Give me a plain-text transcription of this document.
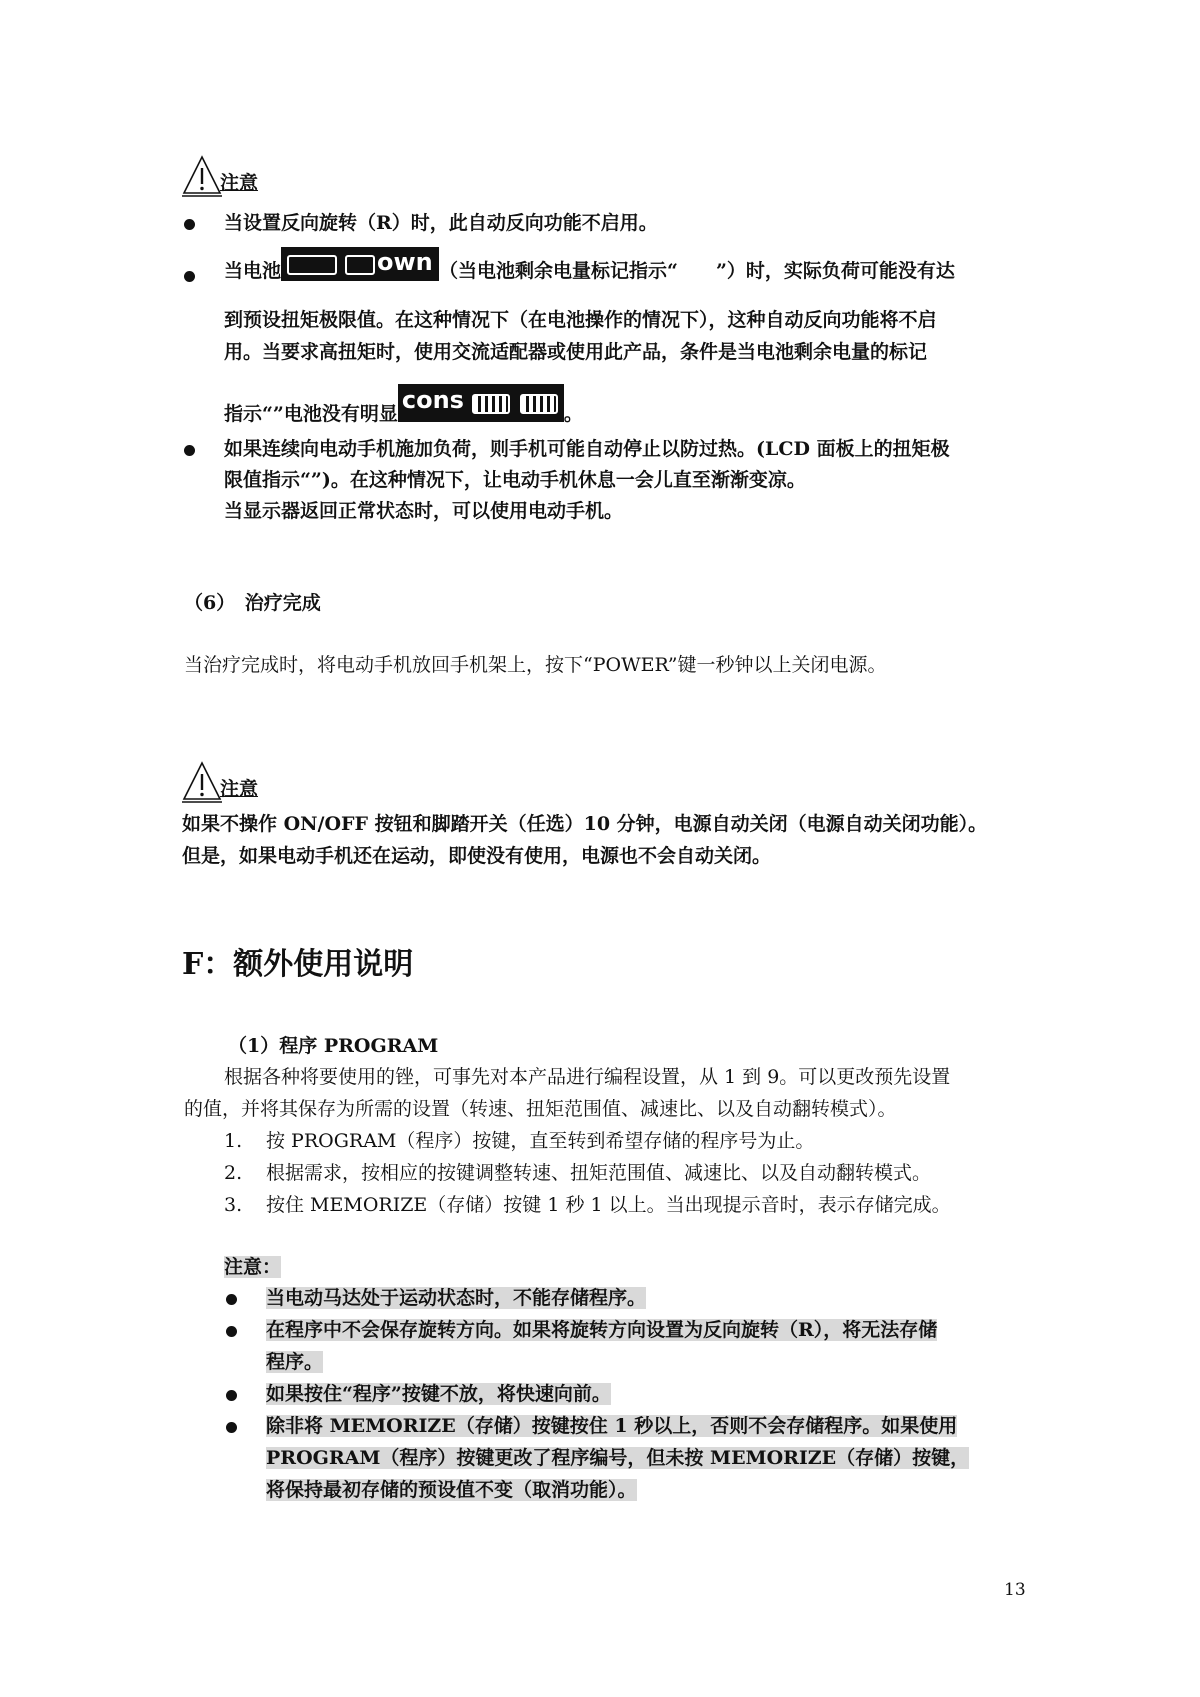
注意
当设置反向旋转（R）时，此自动反向功能不启用。
当电池	own （当电池剩余电量标记指示“　　”）时，实际负荷可能没有达
到预设扭矩极限值。在这种情况下（在电池操作的情况下），这种自动反向功能将不启
用。当要求高扭矩时，使用交流适配器或使用此产品，条件是当电池剩余电量的标记
指示“”电池没有明显 cons	。
如果连续向电动手机施加负荷，则手机可能自动停止以防过热。(LCD 面板上的扭矩极
限值指示“”)。在这种情况下，让电动手机休息一会儿直至渐渐变凉。
当显示器返回正常状态时，可以使用电动手机。
（6）　治疗完成
当治疗完成时，将电动手机放回手机架上，按下“POWER”键一秒钟以上关闭电源。
注意
如果不操作 ON/OFF 按钮和脚踏开关（任选）10 分钟，电源自动关闭（电源自动关闭功能）。
但是，如果电动手机还在运动，即使没有使用，电源也不会自动关闭。
F：额外使用说明
（1）程序 PROGRAM
根据各种将要使用的锉，可事先对本产品进行编程设置，从 1 到 9。可以更改预先设置
的值，并将其保存为所需的设置（转速、扭矩范围值、减速比、以及自动翻转模式）。
1. 按 PROGRAM（程序）按键，直至转到希望存储的程序号为止。
2. 根据需求，按相应的按键调整转速、扭矩范围值、减速比、以及自动翻转模式。
3. 按住 MEMORIZE（存储）按键 1 秒 1 以上。当出现提示音时，表示存储完成。
注意：
当电动马达处于运动状态时，不能存储程序。
在程序中不会保存旋转方向。如果将旋转方向设置为反向旋转（R），将无法存储
程序。
如果按住“程序”按键不放，将快速向前。
除非将 MEMORIZE（存储）按键按住 1 秒以上，否则不会存储程序。如果使用
PROGRAM（程序）按键更改了程序编号，但未按 MEMORIZE（存储）按键，
将保持最初存储的预设值不变（取消功能）。
13
